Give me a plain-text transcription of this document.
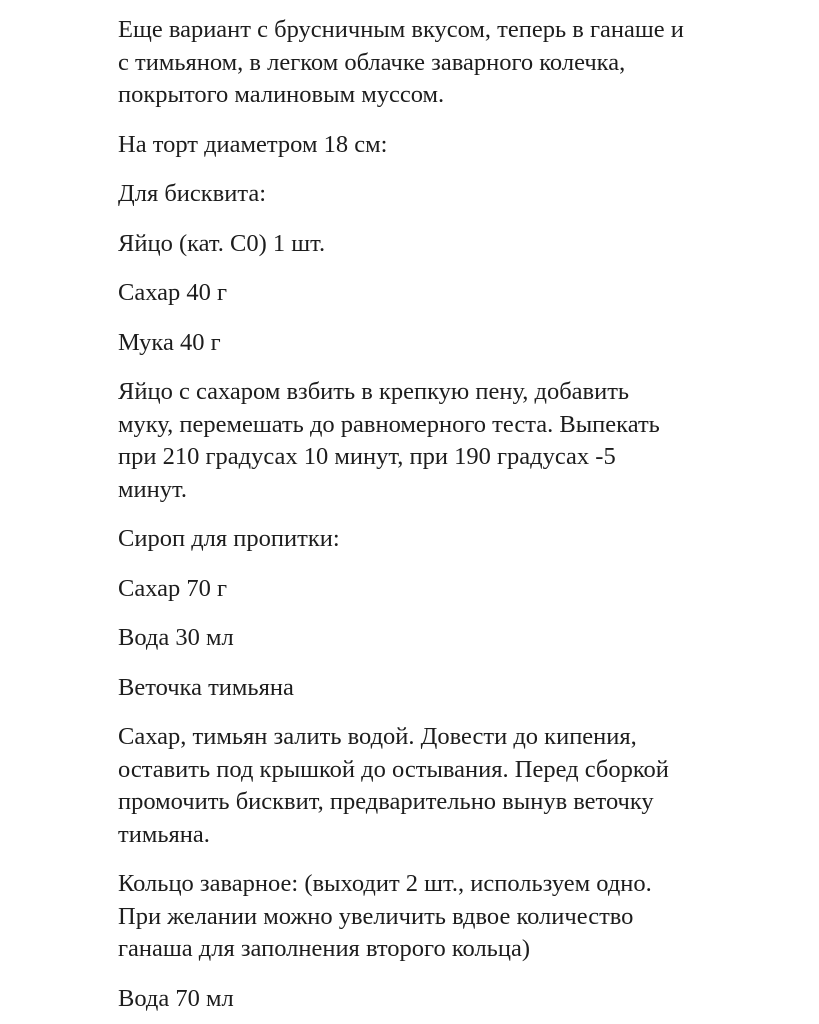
Еще вариант с брусничным вкусом, теперь в ганаше и
с тимьяном, в легком облачке заварного колечка,
покрытого малиновым муссом.

На торт диаметром 18 см:

Для бисквита:

Яйцо (кат. С0) 1 шт.

Сахар 40 г

Мука 40 г

Яйцо с сахаром взбить в крепкую пену, добавить
муку, перемешать до равномерного теста. Выпекать
при 210 градусах 10 минут, при 190 градусах -5
минут.

Сироп для пропитки:

Сахар 70 г

Вода 30 мл

Веточка тимьяна

Сахар, тимьян залить водой. Довести до кипения,
оставить под крышкой до остывания. Перед сборкой
промочить бисквит, предварительно вынув веточку
тимьяна.

Кольцо заварное: (выходит 2 шт., используем одно.
При желании можно увеличить вдвое количество
ганаша для заполнения второго кольца)

Вода 70 мл
